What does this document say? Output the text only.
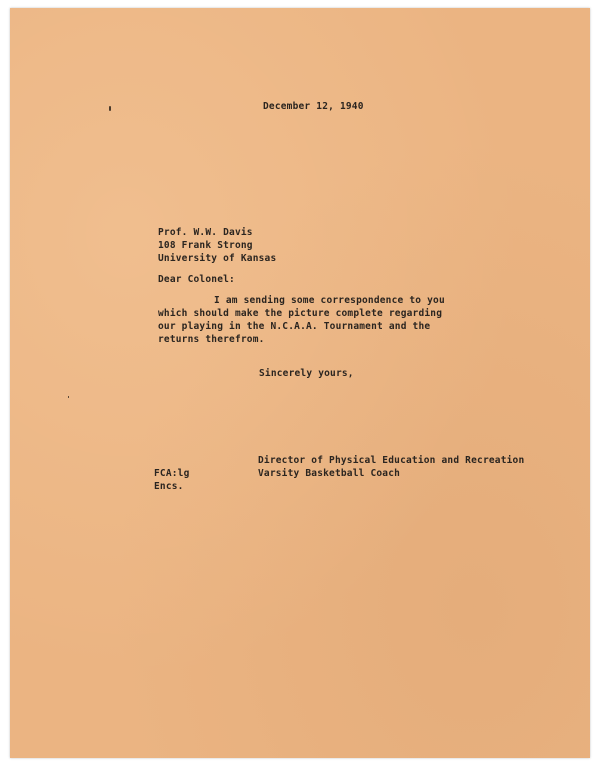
December 12, 1940
Prof. W.W. Davis
108 Frank Strong
University of Kansas
Dear Colonel:
I am sending some correspondence to you
which should make the picture complete regarding
our playing in the N.C.A.A. Tournament and the
returns therefrom.
Sincerely yours,
Director of Physical Education and Recreation
Varsity Basketball Coach
FCA:lg
Encs.
